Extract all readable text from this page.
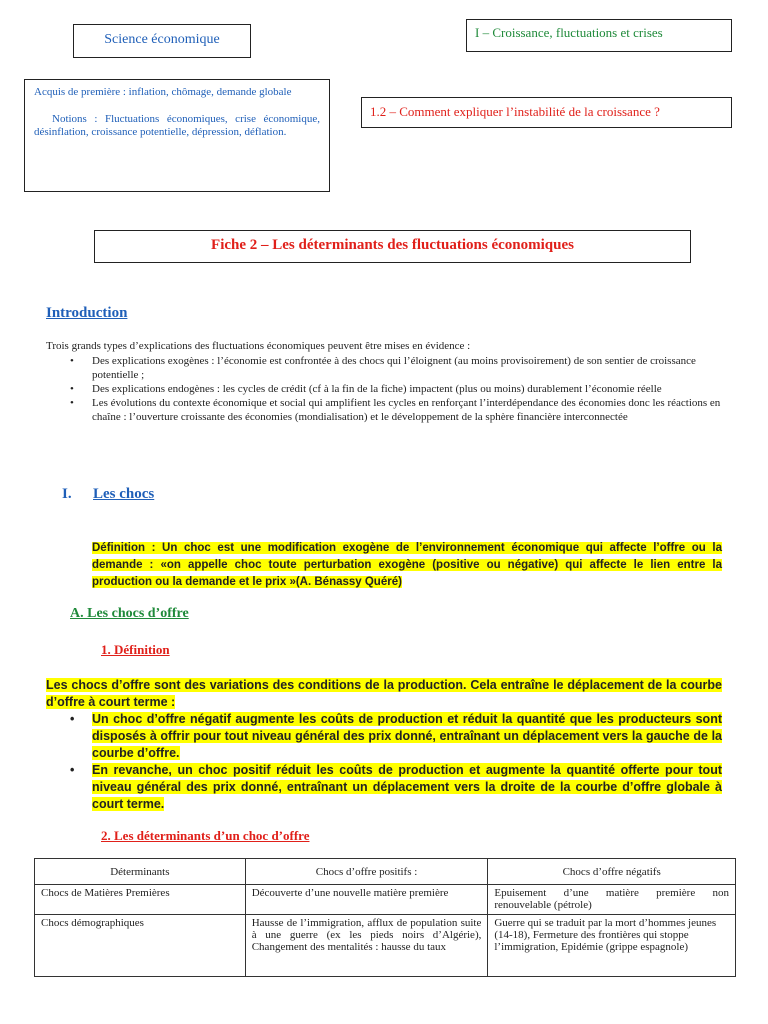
Science économique	I – Croissance, fluctuations et crises
Acquis de première : inflation, chômage, demande globale
Notions : Fluctuations économiques, crise économique, désinflation, croissance potentielle, dépression, déflation.
1.2 – Comment expliquer l’instabilité de la croissance ?
Fiche 2 – Les déterminants des fluctuations économiques
Introduction
Trois grands types d’explications des fluctuations économiques peuvent être mises en évidence :
• Des explications exogènes : l’économie est confrontée à des chocs qui l’éloignent (au moins provisoirement) de son sentier de croissance potentielle ;
• Des explications endogènes : les cycles de crédit (cf à la fin de la fiche) impactent (plus ou moins) durablement l’économie réelle
• Les évolutions du contexte économique et social qui amplifient les cycles en renforçant l’interdépendance des économies donc les réactions en chaîne : l’ouverture croissante des économies (mondialisation) et le développement de la sphère financière interconnectée
I. Les chocs
Définition : Un choc est une modification exogène de l’environnement économique qui affecte l’offre ou la demande : «on appelle choc toute perturbation exogène (positive ou négative) qui affecte le lien entre la production ou la demande et le prix »(A. Bénassy Quéré)
A. Les chocs d’offre
1. Définition
Les chocs d’offre sont des variations des conditions de la production. Cela entraîne le déplacement de la courbe d’offre à court terme :
• Un choc d’offre négatif augmente les coûts de production et réduit la quantité que les producteurs sont disposés à offrir pour tout niveau général des prix donné, entraînant un déplacement vers la gauche de la courbe d’offre.
• En revanche, un choc positif réduit les coûts de production et augmente la quantité offerte pour tout niveau général des prix donné, entraînant un déplacement vers la droite de la courbe d’offre globale à court terme.
2. Les déterminants d’un choc d’offre
Déterminants	Chocs d’offre positifs :	Chocs d’offre négatifs
Chocs de Matières Premières	Découverte d’une nouvelle matière première	Epuisement d’une matière première non renouvelable (pétrole)
Chocs démographiques	Hausse de l’immigration, afflux de population suite à une guerre (ex les pieds noirs d’Algérie), Changement des mentalités : hausse du taux	Guerre qui se traduit par la mort d’hommes jeunes (14-18), Fermeture des frontières qui stoppe l’immigration, Epidémie (grippe espagnole)
